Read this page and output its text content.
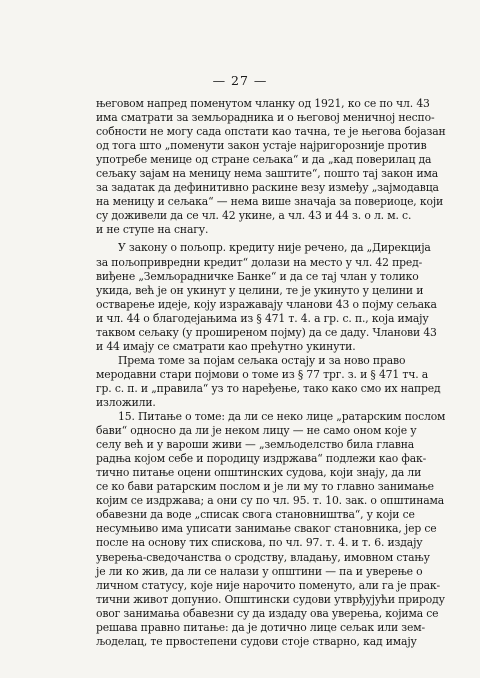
— 27 —
његовом напред поменутом чланку од 1921, ко се по чл. 43
има сматрати за земљорадника и о његовој меничној неспо-
собности не могу сада опстати као тачна, те је његова бојазан
од тога што „поменути закон устаје најригорозније против
употребе менице од стране сељака“ и да „кад поверилац да
сељаку зајам на меницу нема заштите“, пошто тај закон има
за задатак да дефинитивно раскине везу између „зајмодавца
на меницу и сељака“ — нема више значаја за повериоце, који
су доживели да се чл. 42 укине, а чл. 43 и 44 з. о л. м. с.
и не ступе на снагу.
У закону о пољопр. кредиту није речено, да „Дирекција
за пољопривредни кредит“ долази на место у чл. 42 пред-
виђене „Земљорадничке Банке“ и да се тај члан у толико
укида, већ је он укинут у целини, те је укинуто у целини и
остварење идеје, коју изражавају чланови 43 о појму сељака
и чл. 44 о благодејањима из § 471 т. 4. а гр. с. п., која имају
таквом сељаку (у проширеном појму) да се даду. Чланови 43
и 44 имају се сматрати као прећутно укинути.
Према томе за појам сељака остају и за ново право
меродавни стари појмови о томе из § 77 трг. з. и § 471 тч. а
гр. с. п. и „правила“ уз то наређење, тако како смо их напред
изложили.
15. Питање о томе: да ли се неко лице „ратарским послом
бави“ односно да ли је неком лицу — не само оном које у
селу већ и у вароши живи — „земљоделство била главна
радња којом себе и породицу издржава“ подлежи као фак-
тично питање оцени општинских судова, који знају, да ли
се ко бави ратарским послом и је ли му то главно занимање
којим се издржава; а они су по чл. 95. т. 10. зак. о општинама
обавезни да воде „списак свога становништва“, у који се
несумњиво има уписати занимање сваког становника, јер се
после на основу тих спискова, по чл. 97. т. 4. и т. 6. издају
уверења-сведочанства о сродству, владању, имовном стању
је ли ко жив, да ли се налази у општини — па и уверење о
личном статусу, које није нарочито поменуто, али га је прак-
тични живот допунио. Општински судови утврђујући природу
овог занимања обавезни су да издаду ова уверења, којима се
решава правно питање: да је дотично лице сељак или зем-
љоделац, те првостепени судови стоје стварно, кад имају
